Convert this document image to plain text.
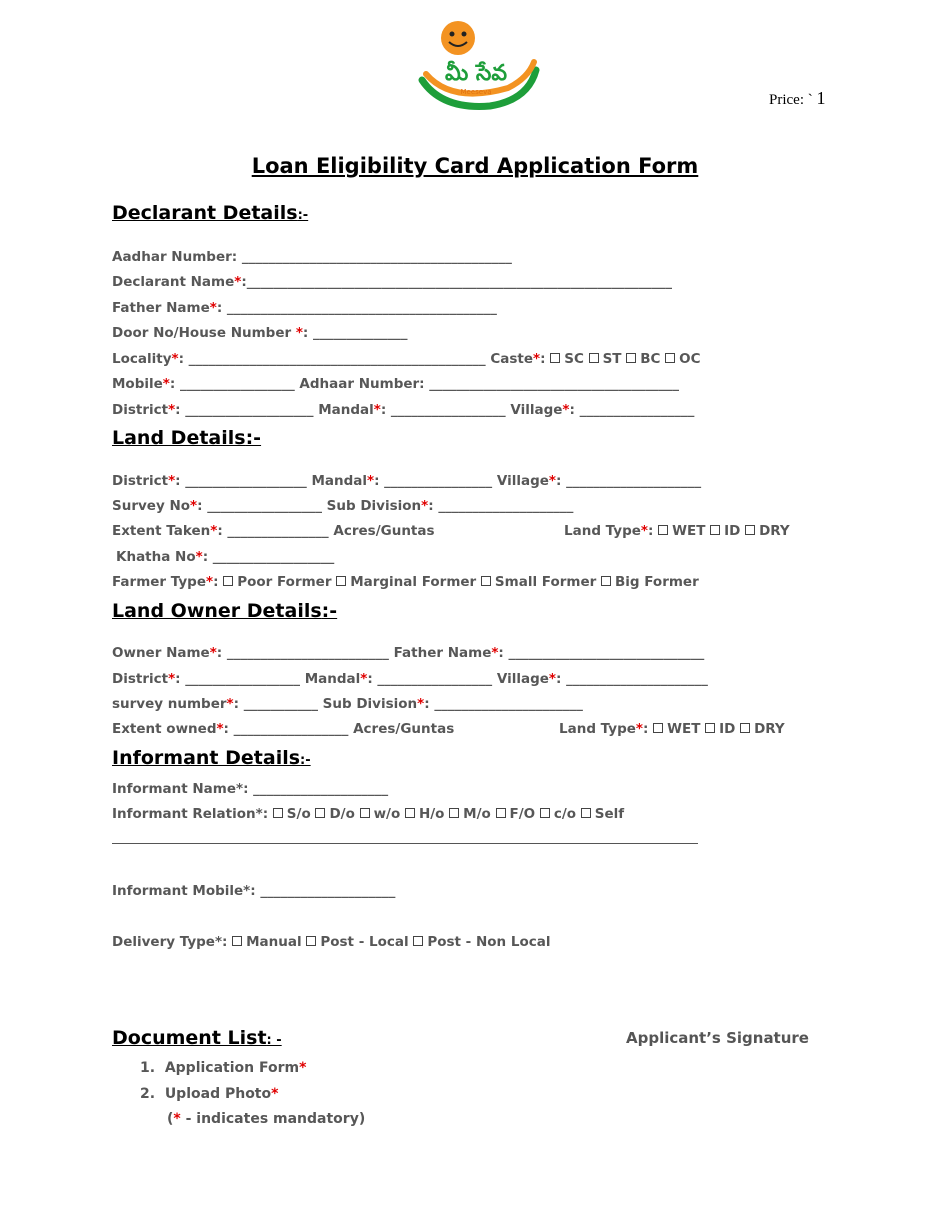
మీ సేవ
Meeseva	Price: ` 1
Loan Eligibility Card Application Form
Declarant Details:-
Aadhar Number: ________________________________________
Declarant Name*:_______________________________________________________________
Father Name*: ________________________________________
Door No/House Number *: ______________
Locality*: ____________________________________________ Caste*: SC ST BC OC
Mobile*: _________________ Adhaar Number: _____________________________________
District*: ___________________ Mandal*: _________________ Village*: _________________
Land Details:-
District*: __________________ Mandal*: ________________ Village*: ____________________
Survey No*: _________________ Sub Division*: ____________________
Extent Taken*: _______________ Acres/Guntas	Land Type*: WET ID DRY
Khatha No*: __________________
Farmer Type*: Poor Former Marginal Former Small Former Big Former
Land Owner Details:-
Owner Name*: ________________________ Father Name*: _____________________________
District*: _________________ Mandal*: _________________ Village*: _____________________
survey number*: ___________ Sub Division*: ______________________
Extent owned*: _________________ Acres/Guntas	Land Type*: WET ID DRY
Informant Details:-
Informant Name*: ____________________
Informant Relation*: S/o D/o w/o H/o M/o F/O c/o Self
Informant Mobile*: ____________________
Delivery Type*: Manual Post - Local Post - Non Local
Document List: -	Applicant’s Signature
1.  Application Form*
2.  Upload Photo*
(* - indicates mandatory)
